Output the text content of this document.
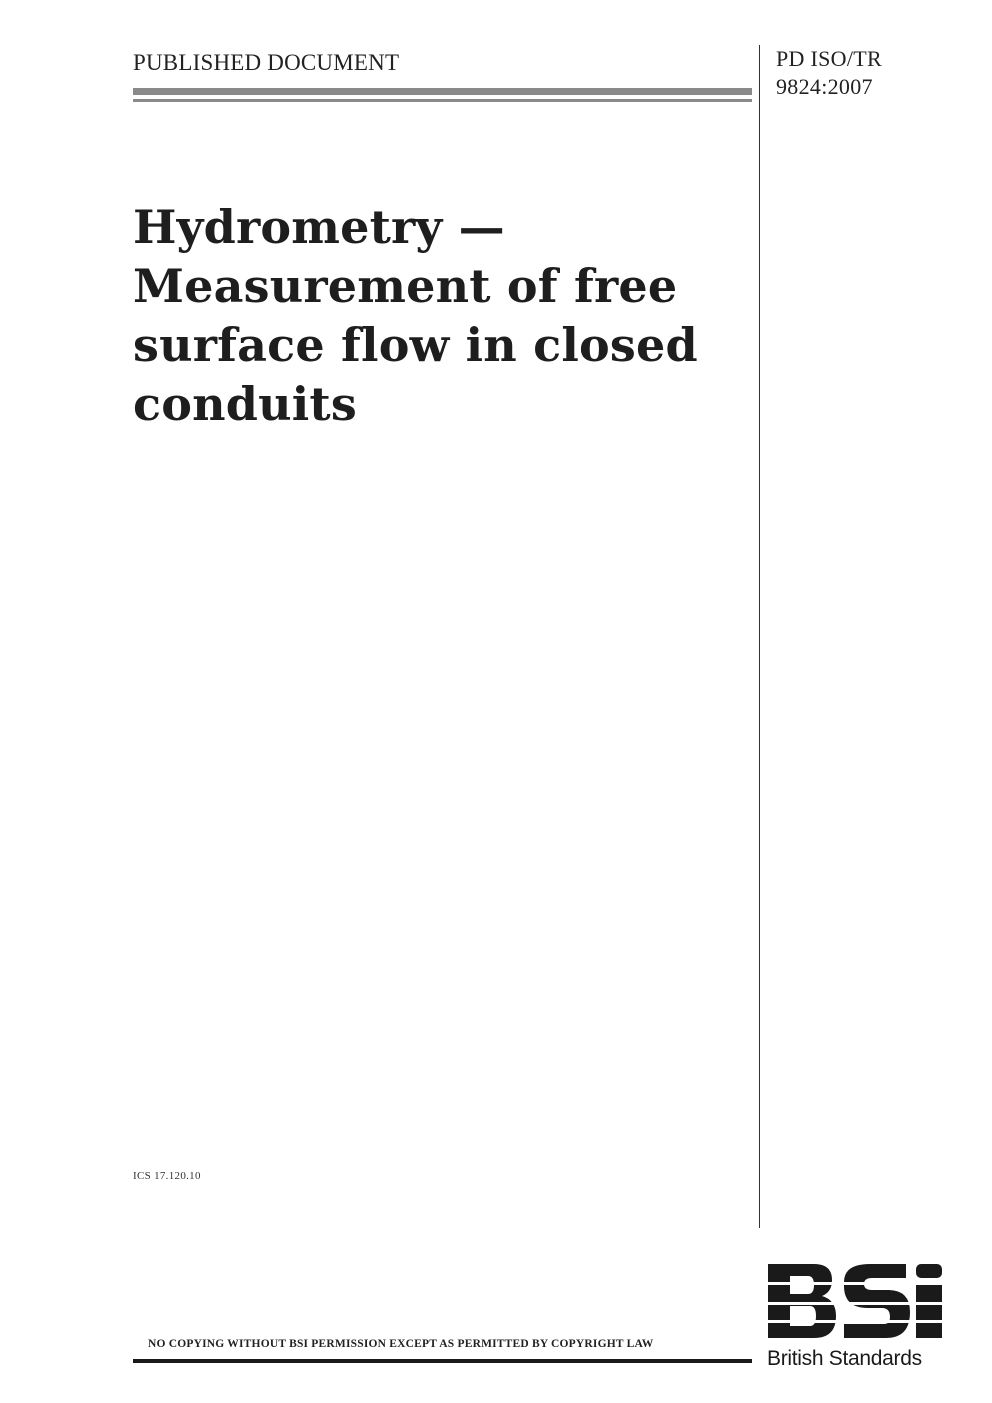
PUBLISHED DOCUMENT	PD ISO/TR
9824:2007
Hydrometry —
Measurement of free
surface flow in closed
conduits
ICS 17.120.10
NO COPYING WITHOUT BSI PERMISSION EXCEPT AS PERMITTED BY COPYRIGHT LAW
British Standards
